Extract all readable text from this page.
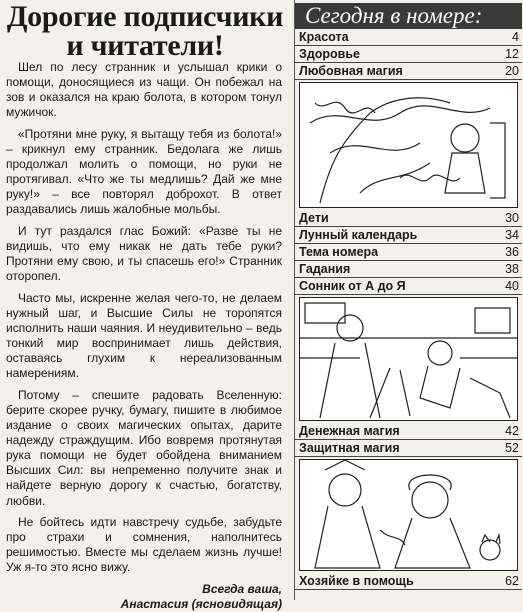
Дорогие подписчики и читатели!

Шел по лесу странник и услышал крики о помощи, доносящиеся из чащи. Он побежал на зов и оказался на краю болота, в котором тонул мужичок.

«Протяни мне руку, я вытащу тебя из болота!» – крикнул ему странник. Бедолага же лишь продолжал молить о помощи, но руки не протягивал. «Что же ты медлишь? Дай же мне руку!» – все повторял доброхот. В ответ раздавались лишь жалобные мольбы.

И тут раздался глас Божий: «Разве ты не видишь, что ему никак не дать тебе руки? Протяни ему свою, и ты спасешь его!» Странник оторопел.

Часто мы, искренне желая чего-то, не делаем нужный шаг, и Высшие Силы не торопятся исполнить наши чаяния. И неудивительно – ведь тонкий мир воспринимает лишь действия, оставаясь глухим к нереализованным намерениям.

Потому – спешите радовать Вселенную: берите скорее ручку, бумагу, пишите в любимое издание о своих магических опытах, дарите надежду страждущим. Ибо вовремя протянутая рука помощи не будет обойдена вниманием Высших Сил: вы непременно получите знак и найдете верную дорогу к счастью, богатству, любви.

Не бойтесь идти навстречу судьбе, забудьте про страхи и сомнения, наполнитесь решимостью. Вместе мы сделаем жизнь лучше! Уж я-то это ясно вижу.

Всегда ваша,
Анастасия (ясновидящая)
Сегодня в номере:
Красота	4
Здоровье	12
Любовная магия	20
Дети	30
Лунный календарь	34
Тема номера	36
Гадания	38
Сонник от А до Я	40
Денежная магия	42
Защитная магия	52
Хозяйке в помощь	62
